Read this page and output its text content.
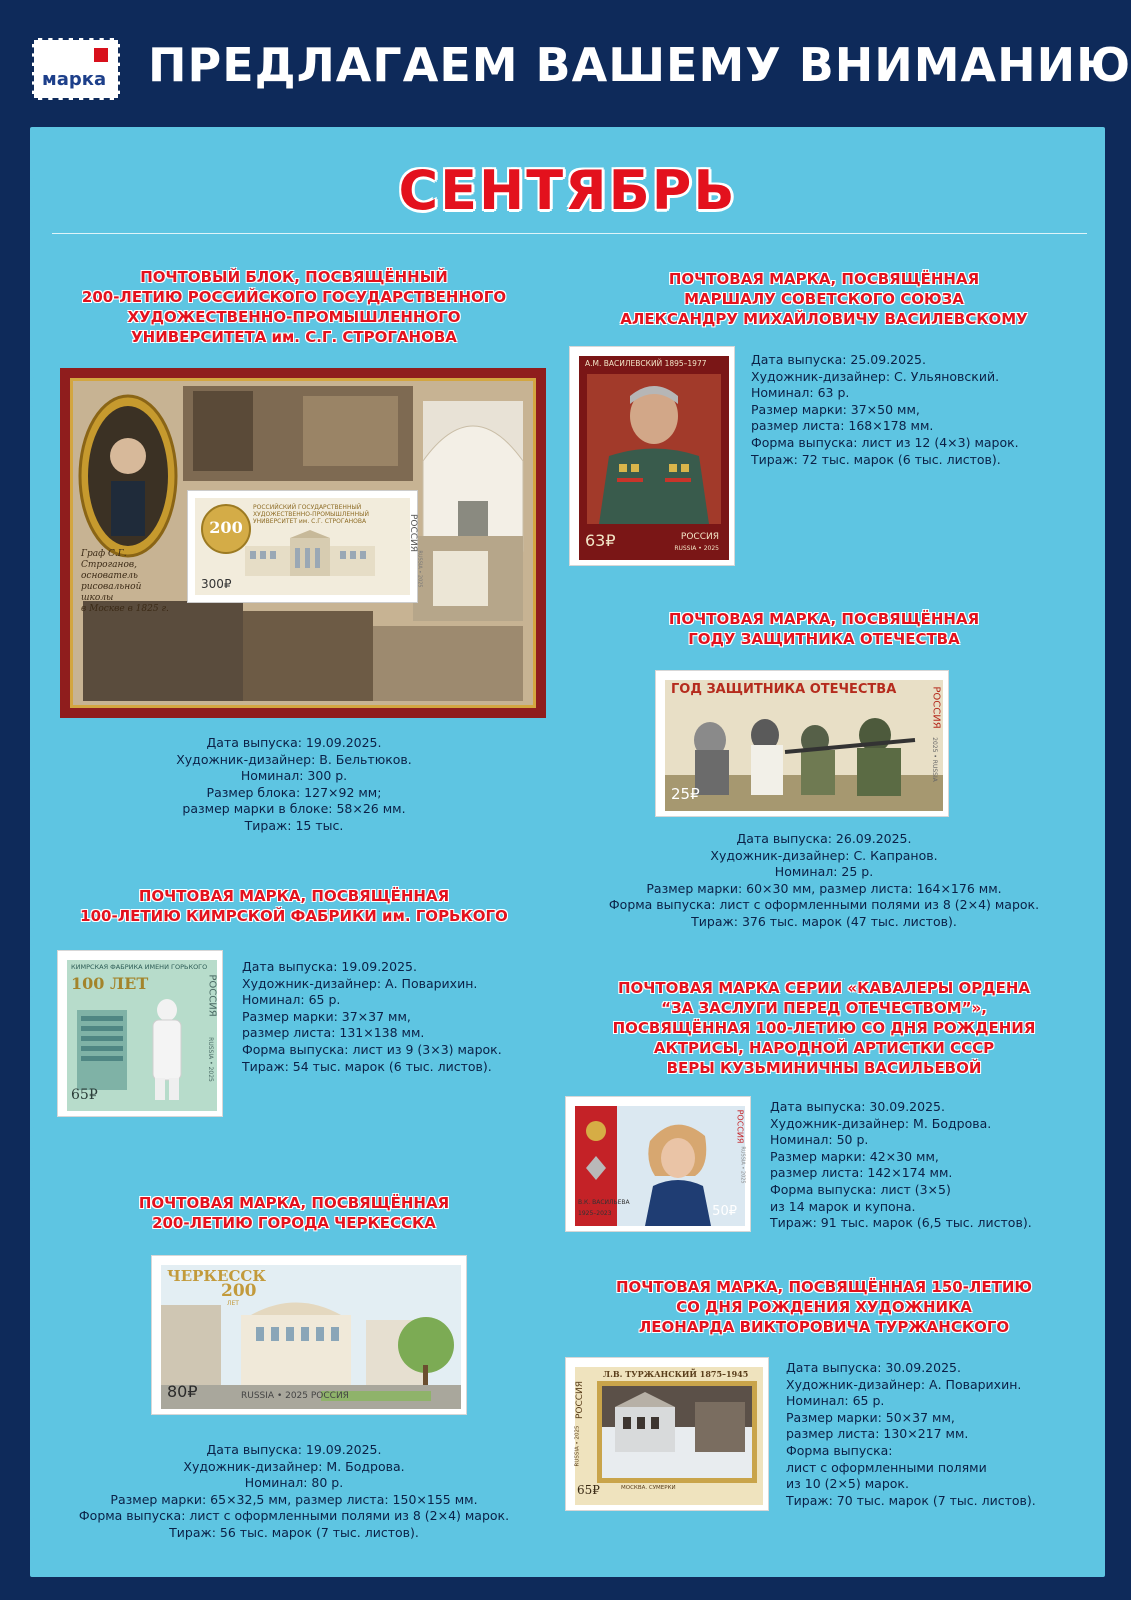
марка ПРЕДЛАГАЕМ ВАШЕМУ ВНИМАНИЮ
СЕНТЯБРЬ
ПОЧТОВЫЙ БЛОК, ПОСВЯЩЁННЫЙ
200-ЛЕТИЮ РОССИЙСКОГО ГОСУДАРСТВЕННОГО
ХУДОЖЕСТВЕННО-ПРОМЫШЛЕННОГО
УНИВЕРСИТЕТА им. С.Г. СТРОГАНОВА
Граф С.Г. Строганов,
основатель
рисовальной школы
в Москве в 1825 г.
200
РОССИЙСКИЙ ГОСУДАРСТВЕННЫЙ
ХУДОЖЕСТВЕННО-ПРОМЫШЛЕННЫЙ
УНИВЕРСИТЕТ им. С.Г. СТРОГАНОВА
300₽
РОССИЯ
RUSSIA • 2025
Дата выпуска: 19.09.2025.
Художник-дизайнер: В. Бельтюков.
Номинал: 300 р.
Размер блока: 127×92 мм;
размер марки в блоке: 58×26 мм.
Тираж: 15 тыс.
ПОЧТОВАЯ МАРКА, ПОСВЯЩЁННАЯ
100-ЛЕТИЮ КИМРСКОЙ ФАБРИКИ им. ГОРЬКОГО
КИМРСКАЯ ФАБРИКА ИМЕНИ ГОРЬКОГО
100 ЛЕТ
65₽
РОССИЯ
RUSSIA • 2025
Дата выпуска: 19.09.2025.
Художник-дизайнер: А. Поварихин.
Номинал: 65 р.
Размер марки: 37×37 мм,
размер листа: 131×138 мм.
Форма выпуска: лист из 9 (3×3) марок.
Тираж: 54 тыс. марок (6 тыс. листов).
ПОЧТОВАЯ МАРКА, ПОСВЯЩЁННАЯ
200-ЛЕТИЮ ГОРОДА ЧЕРКЕССКА
ЧЕРКЕССК
200
ЛЕТ
80₽	RUSSIA • 2025 РОССИЯ
Дата выпуска: 19.09.2025.
Художник-дизайнер: М. Бодрова.
Номинал: 80 р.
Размер марки: 65×32,5 мм, размер листа: 150×155 мм.
Форма выпуска: лист с оформленными полями из 8 (2×4) марок.
Тираж: 56 тыс. марок (7 тыс. листов).
ПОЧТОВАЯ МАРКА, ПОСВЯЩЁННАЯ
МАРШАЛУ СОВЕТСКОГО СОЮЗА
АЛЕКСАНДРУ МИХАЙЛОВИЧУ ВАСИЛЕВСКОМУ
А.М. ВАСИЛЕВСКИЙ 1895–1977
63₽	РОССИЯ
RUSSIA • 2025
Дата выпуска: 25.09.2025.
Художник-дизайнер: С. Ульяновский.
Номинал: 63 р.
Размер марки: 37×50 мм,
размер листа: 168×178 мм.
Форма выпуска: лист из 12 (4×3) марок.
Тираж: 72 тыс. марок (6 тыс. листов).
ПОЧТОВАЯ МАРКА, ПОСВЯЩЁННАЯ
ГОДУ ЗАЩИТНИКА ОТЕЧЕСТВА
ГОД ЗАЩИТНИКА ОТЕЧЕСТВА
25₽
РОССИЯ
2025 • RUSSIA
Дата выпуска: 26.09.2025.
Художник-дизайнер: С. Капранов.
Номинал: 25 р.
Размер марки: 60×30 мм, размер листа: 164×176 мм.
Форма выпуска: лист с оформленными полями из 8 (2×4) марок.
Тираж: 376 тыс. марок (47 тыс. листов).
ПОЧТОВАЯ МАРКА СЕРИИ «КАВАЛЕРЫ ОРДЕНА
“ЗА ЗАСЛУГИ ПЕРЕД ОТЕЧЕСТВОМ”»,
ПОСВЯЩЁННАЯ 100-ЛЕТИЮ СО ДНЯ РОЖДЕНИЯ
АКТРИСЫ, НАРОДНОЙ АРТИСТКИ СССР
ВЕРЫ КУЗЬМИНИЧНЫ ВАСИЛЬЕВОЙ
В.К. ВАСИЛЬЕВА
1925–2023	50₽
РОССИЯ
RUSSIA • 2025
Дата выпуска: 30.09.2025.
Художник-дизайнер: М. Бодрова.
Номинал: 50 р.
Размер марки: 42×30 мм,
размер листа: 142×174 мм.
Форма выпуска: лист (3×5)
из 14 марок и купона.
Тираж: 91 тыс. марок (6,5 тыс. листов).
ПОЧТОВАЯ МАРКА, ПОСВЯЩЁННАЯ 150-ЛЕТИЮ
СО ДНЯ РОЖДЕНИЯ ХУДОЖНИКА
ЛЕОНАРДА ВИКТОРОВИЧА ТУРЖАНСКОГО
Л.В. ТУРЖАНСКИЙ 1875–1945
МОСКВА. СУМЕРКИ
65₽
РОССИЯ
RUSSIA • 2025
Дата выпуска: 30.09.2025.
Художник-дизайнер: А. Поварихин.
Номинал: 65 р.
Размер марки: 50×37 мм,
размер листа: 130×217 мм.
Форма выпуска:
лист с оформленными полями
из 10 (2×5) марок.
Тираж: 70 тыс. марок (7 тыс. листов).
